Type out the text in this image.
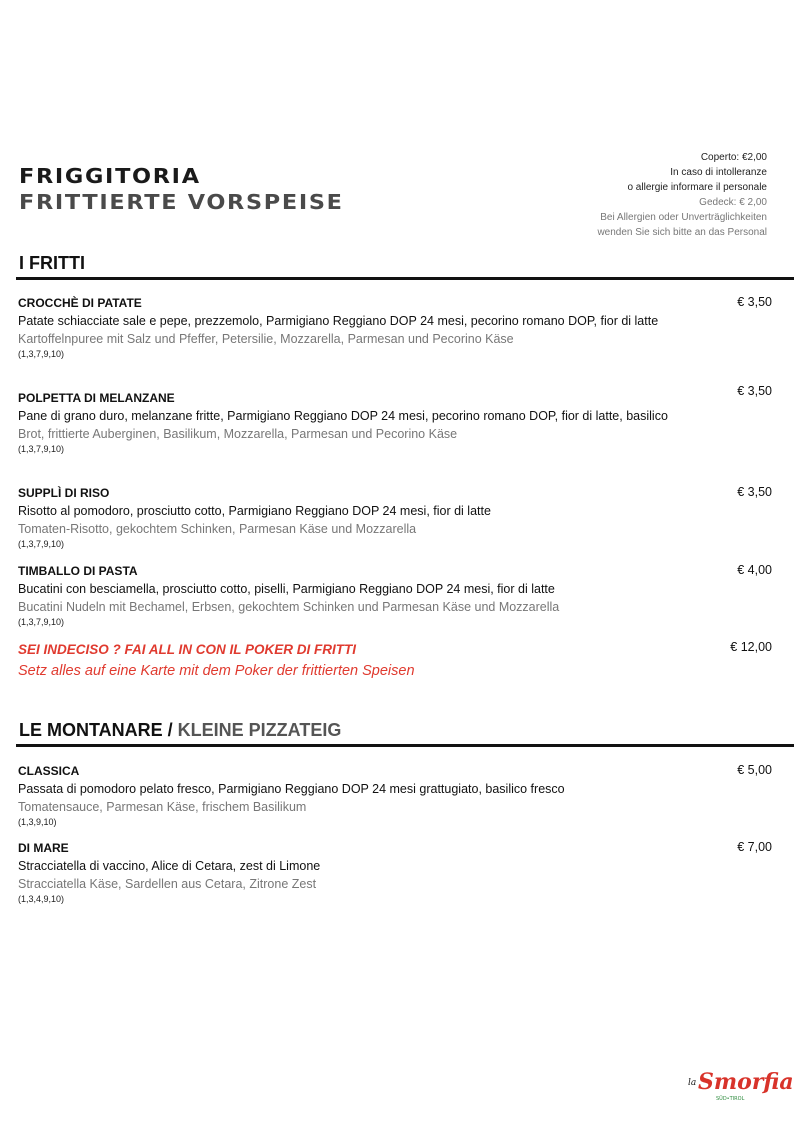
FRIGGITORIA
FRITTIERTE VORSPEISE
Coperto: €2,00
In caso di intolleranze
o allergie informare il personale
Gedeck: € 2,00
Bei Allergien oder Unverträglichkeiten
wenden Sie sich bitte an das Personal
I FRITTI
CROCCHÈ DI PATATE
Patate schiacciate sale e pepe, prezzemolo, Parmigiano Reggiano DOP 24 mesi, pecorino romano DOP, fior di latte
Kartoffelnpuree mit Salz und Pfeffer, Petersilie, Mozzarella, Parmesan und Pecorino Käse
(1,3,7,9,10)
€ 3,50
POLPETTA DI MELANZANE
Pane di grano duro, melanzane fritte, Parmigiano Reggiano DOP 24 mesi, pecorino romano DOP, fior di latte, basilico
Brot, frittierte Auberginen, Basilikum, Mozzarella, Parmesan und Pecorino Käse
(1,3,7,9,10)
€ 3,50
SUPPLÌ DI RISO
Risotto al pomodoro, prosciutto cotto, Parmigiano Reggiano DOP 24 mesi, fior di latte
Tomaten-Risotto, gekochtem Schinken, Parmesan Käse und Mozzarella
(1,3,7,9,10)
€ 3,50
TIMBALLO DI PASTA
Bucatini con besciamella, prosciutto cotto, piselli, Parmigiano Reggiano DOP 24 mesi, fior di latte
Bucatini Nudeln mit Bechamel, Erbsen, gekochtem Schinken und Parmesan Käse und Mozzarella
(1,3,7,9,10)
€ 4,00
SEI INDECISO ? FAI ALL IN CON IL POKER DI FRITTI
Setz alles auf eine Karte mit dem Poker der frittierten Speisen
€ 12,00
LE MONTANARE / KLEINE PIZZATEIG
CLASSICA
Passata di pomodoro pelato fresco, Parmigiano Reggiano DOP 24 mesi grattugiato, basilico fresco
Tomatensauce, Parmesan Käse, frischem Basilikum
(1,3,9,10)
€ 5,00
DI MARE
Stracciatella di vaccino, Alice di Cetara, zest di Limone
Stracciatella Käse, Sardellen aus Cetara, Zitrone Zest
(1,3,4,9,10)
€ 7,00
la Smorfia
SÜD•TIROL
